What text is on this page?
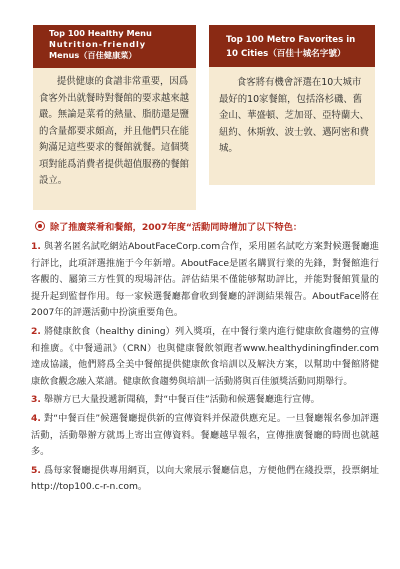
Top 100 Healthy Menu
Nutrition-friendly
Menus（百佳健康菜）

提供健康的食譜非常重要，因爲食客外出就餐時對餐館的要求越來越嚴。無論是菜肴的熱量、脂肪還是鹽的含量都要求頗高，并且他們只在能夠滿足這些要求的餐館就餐。這個獎項對能爲消費者提供超值服務的餐館設立。

Top 100 Metro Favorites in
10 Cities（百佳十城名字號）

食客將有機會評選在10大城市最好的10家餐館，包括洛杉磯、舊金山、華盛頓、芝加哥、亞特蘭大、紐約、休斯敦、波士敦、邁阿密和費城。

除了推廣菜肴和餐館，2007年度“活動同時增加了以下特色：
1. 與著名匿名試吃網站AboutFaceCorp.com合作，采用匿名試吃方案對候選餐廳進行評比，此項評選推施于今年新增。AboutFace是匿名購買行業的先鋒，對餐館進行客觀的、屬第三方性質的現場評估。評估結果不僅能够幫助評比，并能對餐館質量的提升起到監督作用。每一家候選餐廳都會收到餐廳的評測結果報告。AboutFace將在2007年的評選活動中扮演重要角色。
2. 將健康飲食（healthy dining）列入獎項，在中餐行業内進行健康飲食趨勢的宣傳和推廣。《中餐通訊》（CRN）也與健康餐飲領跑者www.healthydiningfinder.com達成協議，他們將爲全美中餐館提供健康飲食培訓以及解決方案，以幫助中餐館將健康飲食觀念融入菜譜。健康飲食趨勢與培訓一活動將與百佳頒獎活動同期舉行。
3. 舉辦方已大量投遞新聞稿，對“中餐百佳”活動和候選餐廳進行宣傳。
4. 對“中餐百佳”候選餐廳提供新的宣傳資料并保證供應充足。一旦餐廳報名參加評選活動，活動舉辦方就馬上寄出宣傳資料。餐廳越早報名，宣傳推廣餐廳的時間也就越多。
5. 爲每家餐廳提供專用網頁，以向大衆展示餐廳信息，方便他們在綫投票，投票網址http://top100.c-r-n.com。
